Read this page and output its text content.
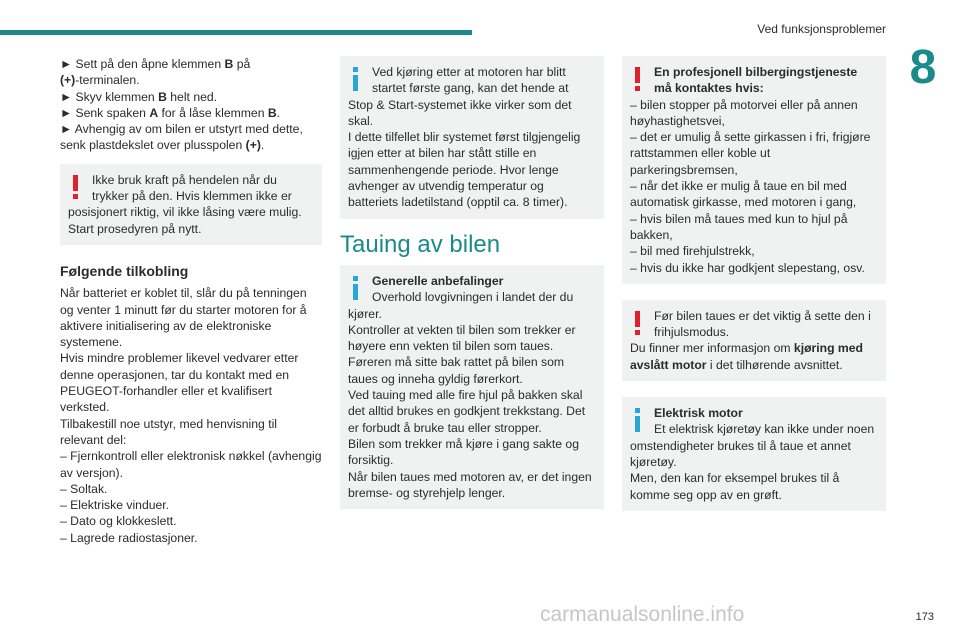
Ved funksjonsproblemer
8

► Sett på den åpne klemmen B på

(+)-terminalen.

► Skyv klemmen B helt ned.

► Senk spaken A for å låse klemmen B.

► Avhengig av om bilen er utstyrt med dette, senk plastdekslet over plusspolen (+).

Ikke bruk kraft på hendelen når du trykker på den. Hvis klemmen ikke er

posisjonert riktig, vil ikke låsing være mulig. Start prosedyren på nytt.

Følgende tilkobling

Når batteriet er koblet til, slår du på tenningen og venter 1 minutt før du starter motoren for å aktivere initialisering av de elektroniske systemene.
Hvis mindre problemer likevel vedvarer etter denne operasjonen, tar du kontakt med en PEUGEOT-forhandler eller et kvalifisert verksted.
Tilbakestill noe utstyr, med henvisning til relevant del:
– Fjernkontroll eller elektronisk nøkkel (avhengig av versjon).
– Soltak.
– Elektriske vinduer.
– Dato og klokkeslett.
– Lagrede radiostasjoner.

Ved kjøring etter at motoren har blitt startet første gang, kan det hende at

Stop & Start-systemet ikke virker som det skal.
I dette tilfellet blir systemet først tilgjengelig igjen etter at bilen har stått stille en sammenhengende periode. Hvor lenge avhenger av utvendig temperatur og batteriets ladetilstand (opptil ca. 8 timer).

Tauing av bilen

Generelle anbefalinger

Overhold lovgivningen i landet der du

kjører.
Kontroller at vekten til bilen som trekker er høyere enn vekten til bilen som taues.
Føreren må sitte bak rattet på bilen som taues og inneha gyldig førerkort.
Ved tauing med alle fire hjul på bakken skal det alltid brukes en godkjent trekkstang. Det er forbudt å bruke tau eller stropper.
Bilen som trekker må kjøre i gang sakte og forsiktig.
Når bilen taues med motoren av, er det ingen bremse- og styrehjelp lenger.

En profesjonell bilbergingstjeneste

må kontaktes hvis:

– bilen stopper på motorvei eller på annen høyhastighetsvei,
– det er umulig å sette girkassen i fri, frigjøre rattstammen eller koble ut parkeringsbremsen,
– når det ikke er mulig å taue en bil med automatisk girkasse, med motoren i gang,
– hvis bilen må taues med kun to hjul på bakken,
– bil med firehjulstrekk,
– hvis du ikke har godkjent slepestang, osv.

Før bilen taues er det viktig å sette den i

frihjulsmodus.

Du finner mer informasjon om kjøring med avslått motor i det tilhørende avsnittet.

Elektrisk motor

Et elektrisk kjøretøy kan ikke under noen

omstendigheter brukes til å taue et annet kjøretøy.
Men, den kan for eksempel brukes til å komme seg opp av en grøft.

carmanualsonline.info	173
